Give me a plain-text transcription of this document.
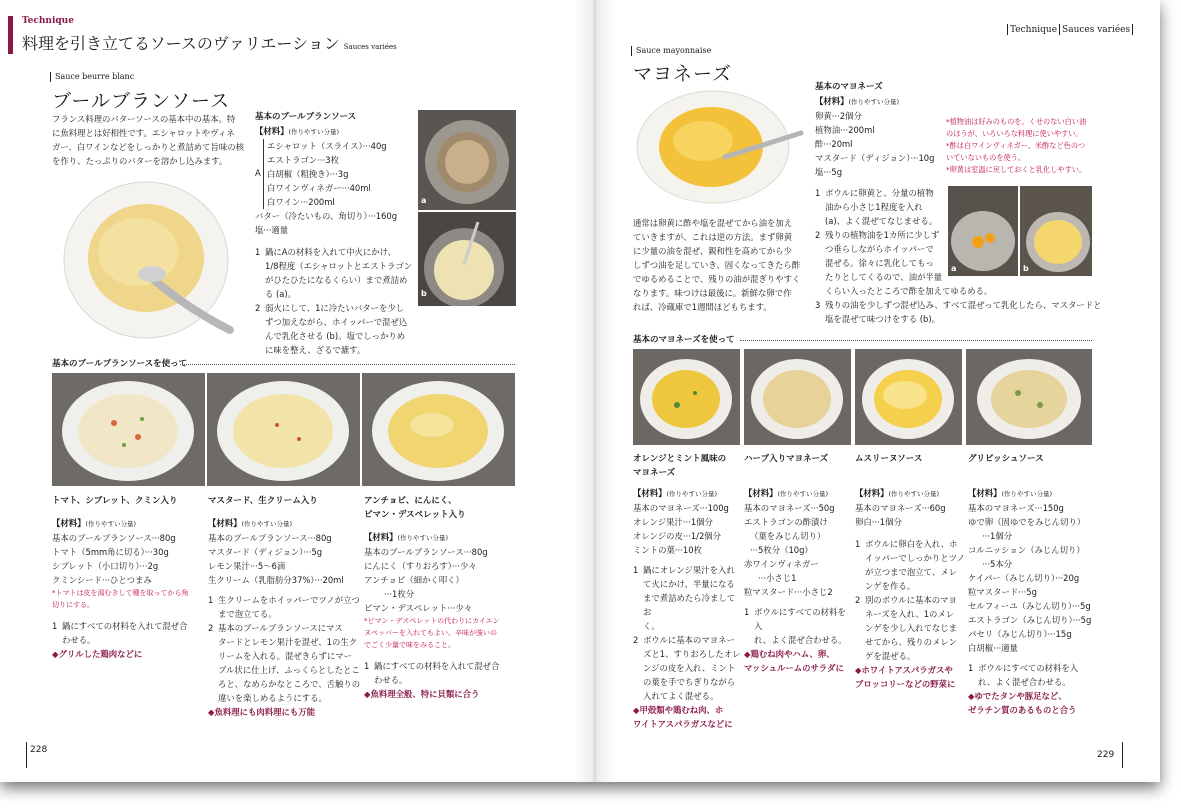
Technique
料理を引き立てるソースのヴァリエーション Sauces variées
Technique Sauces variées
Sauce beurre blanc
ブールブランソース
フランス料理のバターソースの基本中の基本。特
に魚料理とは好相性です。エシャロットやヴィネ
ガー、白ワインなどをしっかりと煮詰めて旨味の核
を作り、たっぷりのバターを溶かし込みます。
基本のブールブランソース
【材料】(作りやすい分量)
A
エシャロット（スライス）···40g
エストラゴン···3枚
白胡椒（粗挽き）···3g
白ワインヴィネガー···40ml
白ワイン···200ml
バター（冷たいもの、角切り）···160g
塩···適量
1 鍋にAの材料を入れて中火にかけ、
1/8程度（エシャロットとエストラゴン
がひたひたになるくらい）まで煮詰め
る (a)。
2 弱火にして、1に冷たいバターを少し
ずつ加えながら、ホイッパーで混ぜ込
んで乳化させる (b)。塩でしっかりめ
に味を整え、ざるで漉す。
a
b
基本のブールブランソースを使って
トマト、シブレット、クミン入り
【材料】(作りやすい分量)
基本のブールブランソース···80g
トマト（5mm角に切る）···30g
シブレット（小口切り）···2g
クミンシード···ひとつまみ
*トマトは皮を湯むきして種を取ってから角
切りにする。
1 鍋にすべての材料を入れて混ぜ合
わせる。
◆グリルした鶏肉などに
マスタード、生クリーム入り
【材料】(作りやすい分量)
基本のブールブランソース···80g
マスタード（ディジョン）···5g
レモン果汁···5〜6滴
生クリーム（乳脂肪分37%）···20ml
1 生クリームをホイッパーでツノが立つ
まで泡立てる。
2 基本のブールブランソースにマス
タードとレモン果汁を混ぜ、1の生ク
リームを入れる。混ぜきらずにマー
ブル状に仕上げ、ふっくらとしたとこ
ろと、なめらかなところで、舌触りの
違いを楽しめるようにする。
◆魚料理にも肉料理にも万能
アンチョビ、にんにく、
ピマン・デスペレット入り
【材料】(作りやすい分量)
基本のブールブランソース···80g
にんにく（すりおろす）···少々
アンチョビ（細かく叩く）
···1枚分
ピマン・デスペレット···少々
*ピマン・デスペレットの代わりにカイエン
ヌペッパーを入れてもよい。辛味が強いの
でごく少量で味をみること。
1 鍋にすべての材料を入れて混ぜ合
わせる。
◆魚料理全般、特に貝類に合う
228
Sauce mayonnaise
マヨネーズ
基本のマヨネーズ
【材料】(作りやすい分量)
卵黄···2個分
植物油···200ml
酢···20ml
マスタード（ディジョン）···10g
塩···5g
*植物油は好みのものを。くせのない白い油
のほうが、いろいろな料理に使いやすい。
*酢は白ワインヴィネガー、米酢など色のつ
いていないものを使う。
*卵黄は室温に戻しておくと乳化しやすい。
通常は卵黄に酢や塩を混ぜてから油を加え
ていきますが、これは逆の方法。まず卵黄
に少量の油を混ぜ、親和性を高めてから少
しずつ油を足していき、固くなってきたら酢
でゆるめることで、残りの油が混ぎりやすく
なります。味つけは最後に。新鮮な卵で作
れば、冷蔵庫で1週間ほどもちます。
1 ボウルに卵黄と、分量の植物
油から小さじ1程度を入れ
(a)、よく混ぜてなじませる。
2 残りの植物油を1カ所に少しず
つ垂らしながらホイッパーで
混ぜる。徐々に乳化してもっ
たりとしてくるので、油が半量
くらい入ったところで酢を加えてゆるめる。
3 残りの油を少しずつ混ぜ込み、すべて混ぜって乳化したら、マスタードと
塩を混ぜて味つけをする (b)。
a	b
基本のマヨネーズを使って
オレンジとミント風味の
マヨネーズ
【材料】(作りやすい分量)
基本のマヨネーズ···100g
オレンジ果汁···1個分
オレンジの皮···1/2個分
ミントの葉···10枚
1 鍋にオレンジ果汁を入れ
て火にかけ、半量になる
まで煮詰めたら冷ましてお
く。
2 ボウルに基本のマヨネー
ズと1、すりおろしたオレ
ンジの皮を入れ、ミント
の葉を手でちぎりながら
入れてよく混ぜる。
◆甲殻類や鶏むね肉、ホ
ワイトアスパラガスなどに
ハーブ入りマヨネーズ
【材料】(作りやすい分量)
基本のマヨネーズ···50g
エストラゴンの酢漬け
（葉をみじん切り）
···5枚分（10g）
赤ワインヴィネガー
···小さじ1
粒マスタード···小さじ2
1 ボウルにすべての材料を入
れ、よく混ぜ合わせる。
◆鶏むね肉やハム、卵、
マッシュルームのサラダに
ムスリーヌソース
【材料】(作りやすい分量)
基本のマヨネーズ···60g
卵白···1個分
1 ボウルに卵白を入れ、ホ
イッパーでしっかりとツノ
が立つまで泡立て、メレ
ンゲを作る。
2 別のボウルに基本のマヨ
ネーズを入れ、1のメレ
ンゲを少し入れてなじま
せてから、残りのメレン
ゲを混ぜる。
◆ホワイトアスパラガスや
ブロッコリーなどの野菜に
グリビッシュソース
【材料】(作りやすい分量)
基本のマヨネーズ···150g
ゆで卵（固ゆでをみじん切り）
···1個分
コルニッション（みじん切り）
···5本分
ケイパー（みじん切り）···20g
粒マスタード···5g
セルフィーユ（みじん切り）···5g
エストラゴン（みじん切り）···5g
パセリ（みじん切り）···15g
白胡椒···適量
1 ボウルにすべての材料を入
れ、よく混ぜ合わせる。
◆ゆでたタンや豚足など、
ゼラチン質のあるものと合う
229
